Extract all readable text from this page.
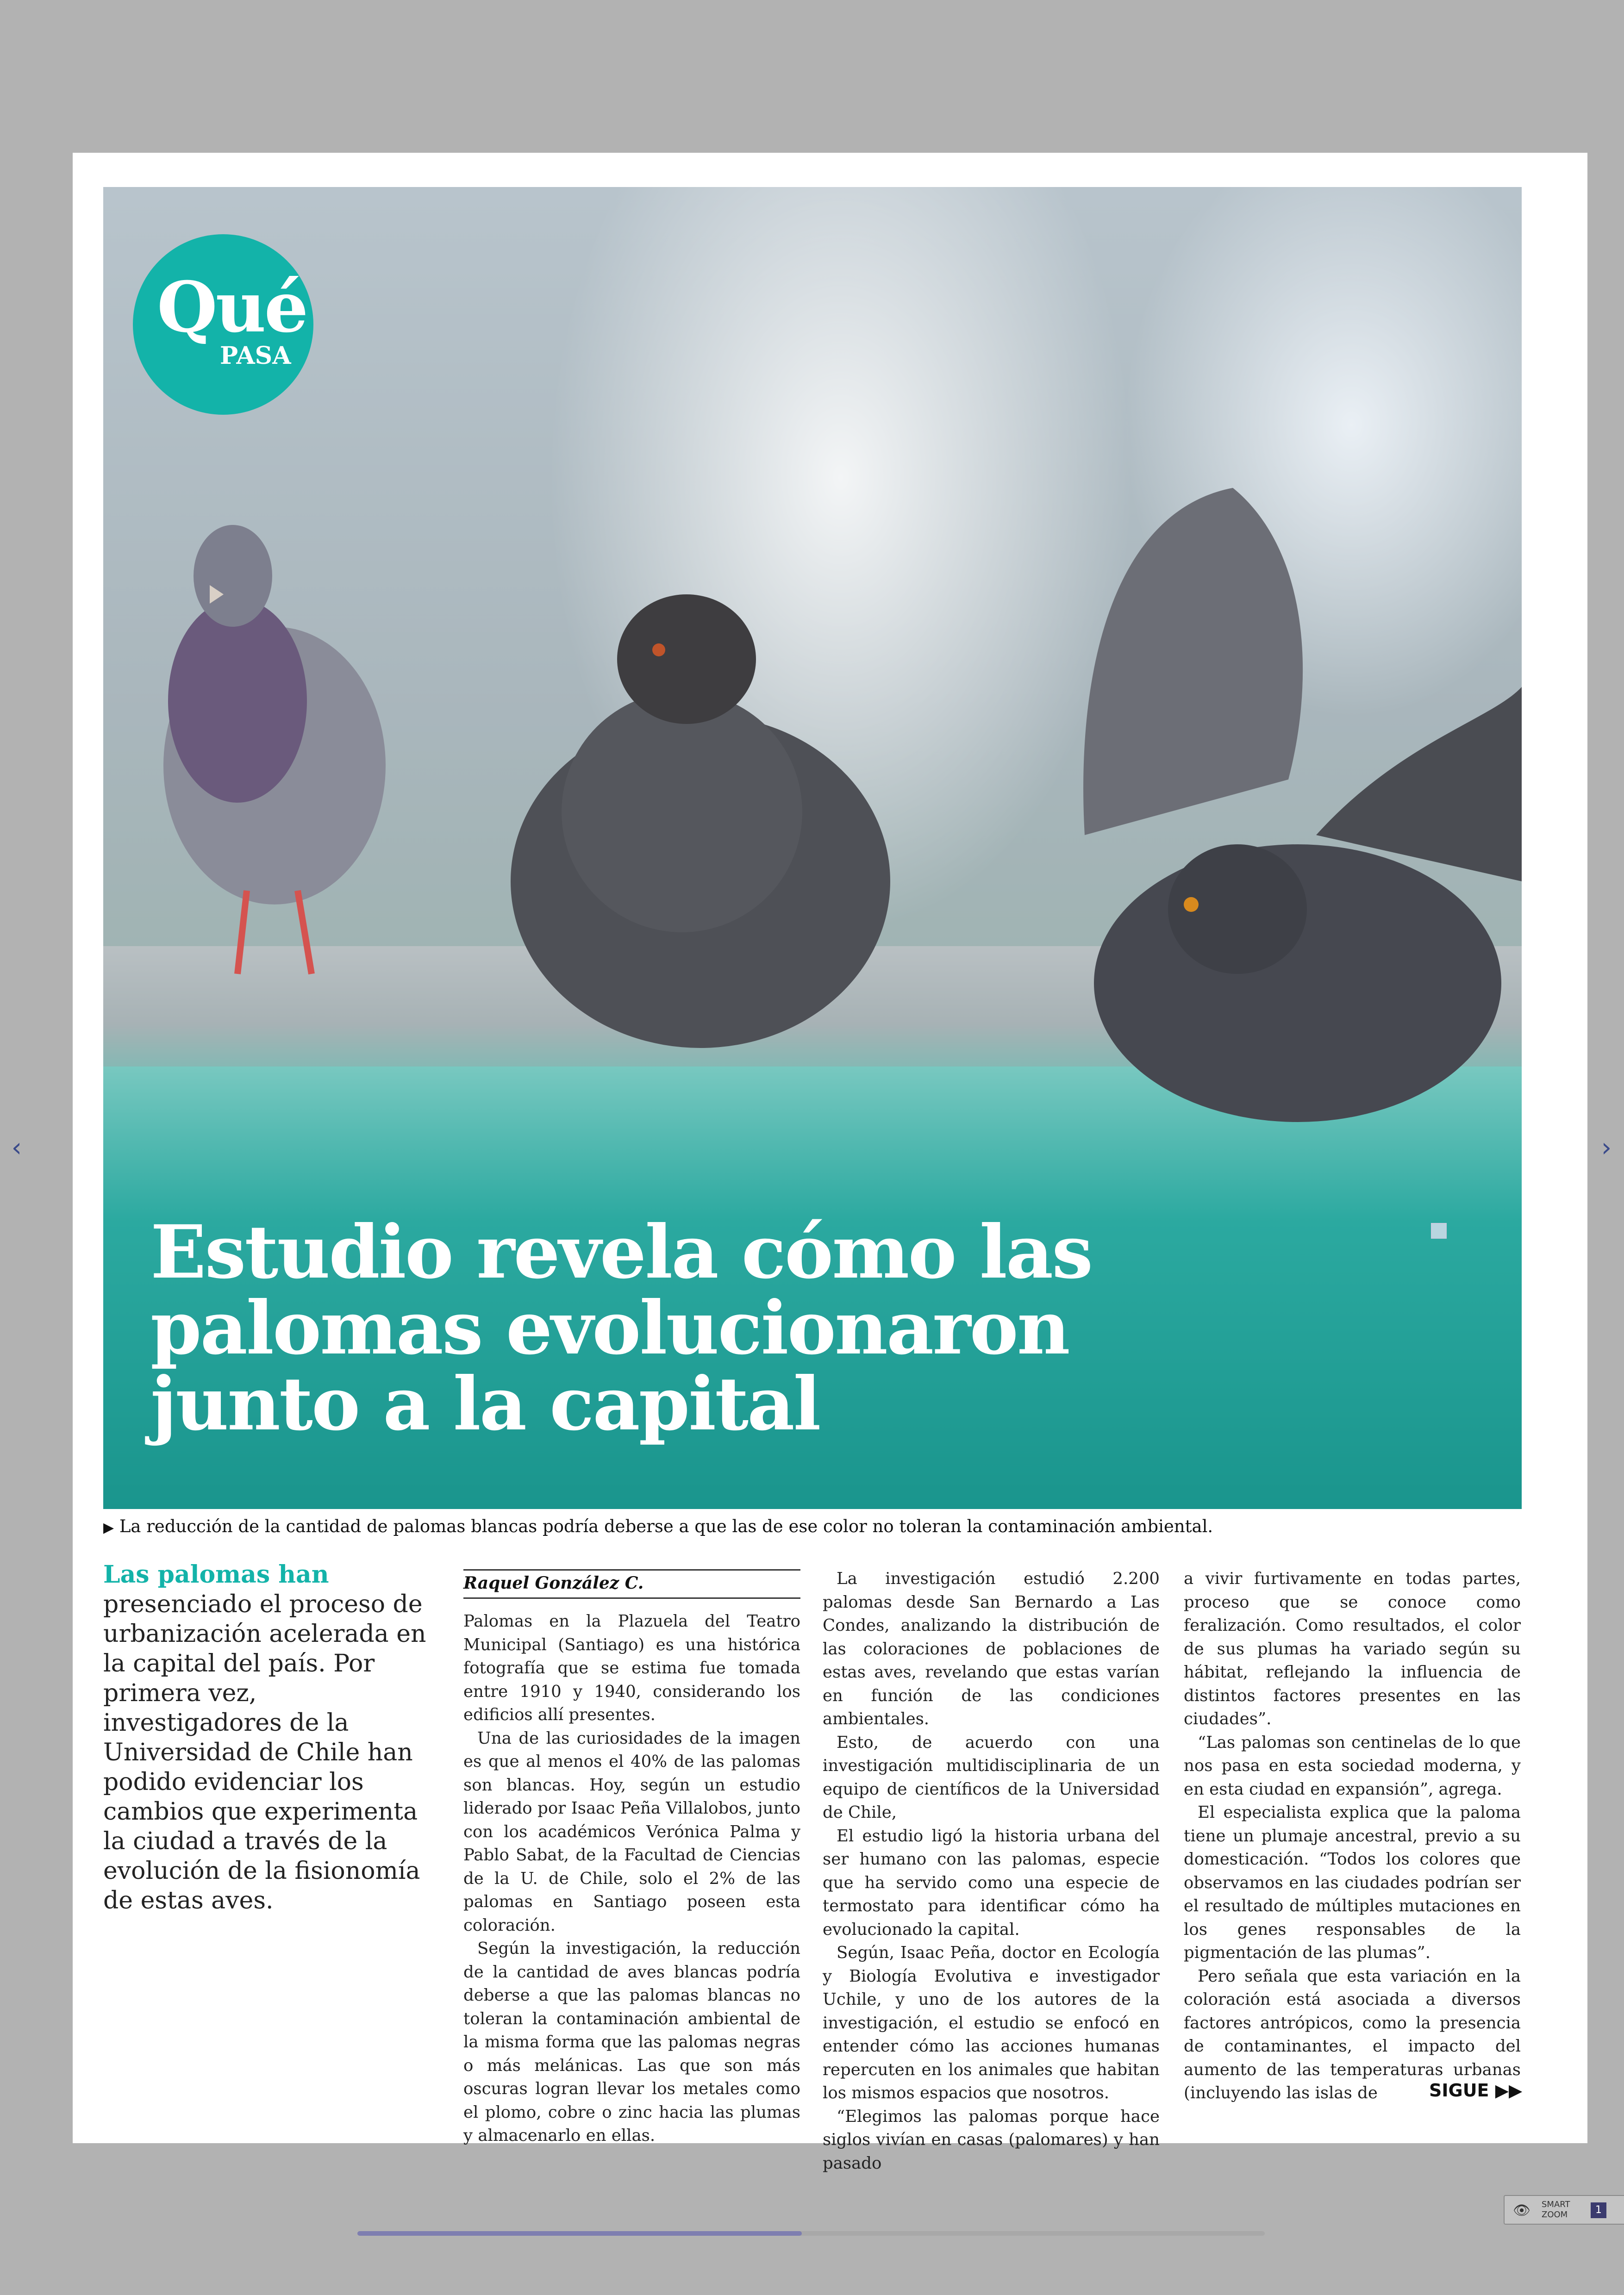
Qué
PASA
Estudio revela cómo las palomas evolucionaron junto a la capital
▶ La reducción de la cantidad de palomas blancas podría deberse a que las de ese color no toleran la contaminación ambiental.
Las palomas han presenciado el proceso de urbanización acelerada en la capital del país. Por primera vez, investigadores de la Universidad de Chile han podido evidenciar los cambios que experimenta la ciudad a través de la evolución de la fisionomía de estas aves.
Raquel González C.

Palomas en la Plazuela del Teatro Municipal (Santiago) es una histórica fotografía que se estima fue tomada entre 1910 y 1940, considerando los edificios allí presentes.

Una de las curiosidades de la imagen es que al menos el 40% de las palomas son blancas. Hoy, según un estudio liderado por Isaac Peña Villalobos, junto con los académicos Verónica Palma y Pablo Sabat, de la Facultad de Ciencias de la U. de Chile, solo el 2% de las palomas en Santiago poseen esta coloración.

Según la investigación, la reducción de la cantidad de aves blancas podría deberse a que las palomas blancas no toleran la contaminación ambiental de la misma forma que las palomas negras o más melánicas. Las que son más oscuras logran llevar los metales como el plomo, cobre o zinc hacia las plumas y almacenarlo en ellas.

La investigación estudió 2.200 palomas desde San Bernardo a Las Condes, analizando la distribución de las coloraciones de poblaciones de estas aves, revelando que estas varían en función de las condiciones ambientales.

Esto, de acuerdo con una investigación multidisciplinaria de un equipo de científicos de la Universidad de Chile,

El estudio ligó la historia urbana del ser humano con las palomas, especie que ha servido como una especie de termostato para identificar cómo ha evolucionado la capital.

Según, Isaac Peña, doctor en Ecología y Biología Evolutiva e investigador Uchile, y uno de los autores de la investigación, el estudio se enfocó en entender cómo las acciones humanas repercuten en los animales que habitan los mismos espacios que nosotros.

“Elegimos las palomas porque hace siglos vivían en casas (palomares) y han pasado

a vivir furtivamente en todas partes, proceso que se conoce como feralización. Como resultados, el color de sus plumas ha variado según su hábitat, reflejando la influencia de distintos factores presentes en las ciudades”.

“Las palomas son centinelas de lo que nos pasa en esta sociedad moderna, y en esta ciudad en expansión”, agrega.

El especialista explica que la paloma tiene un plumaje ancestral, previo a su domesticación. “Todos los colores que observamos en las ciudades podrían ser el resultado de múltiples mutaciones en los genes responsables de la pigmentación de las plumas”.

Pero señala que esta variación en la coloración está asociada a diversos factores antrópicos, como la presencia de contaminantes, el impacto del aumento de las temperaturas urbanas (incluyendo las islas de	SIGUE ▶▶
‹	›
👁 SMART
ZOOM	1
